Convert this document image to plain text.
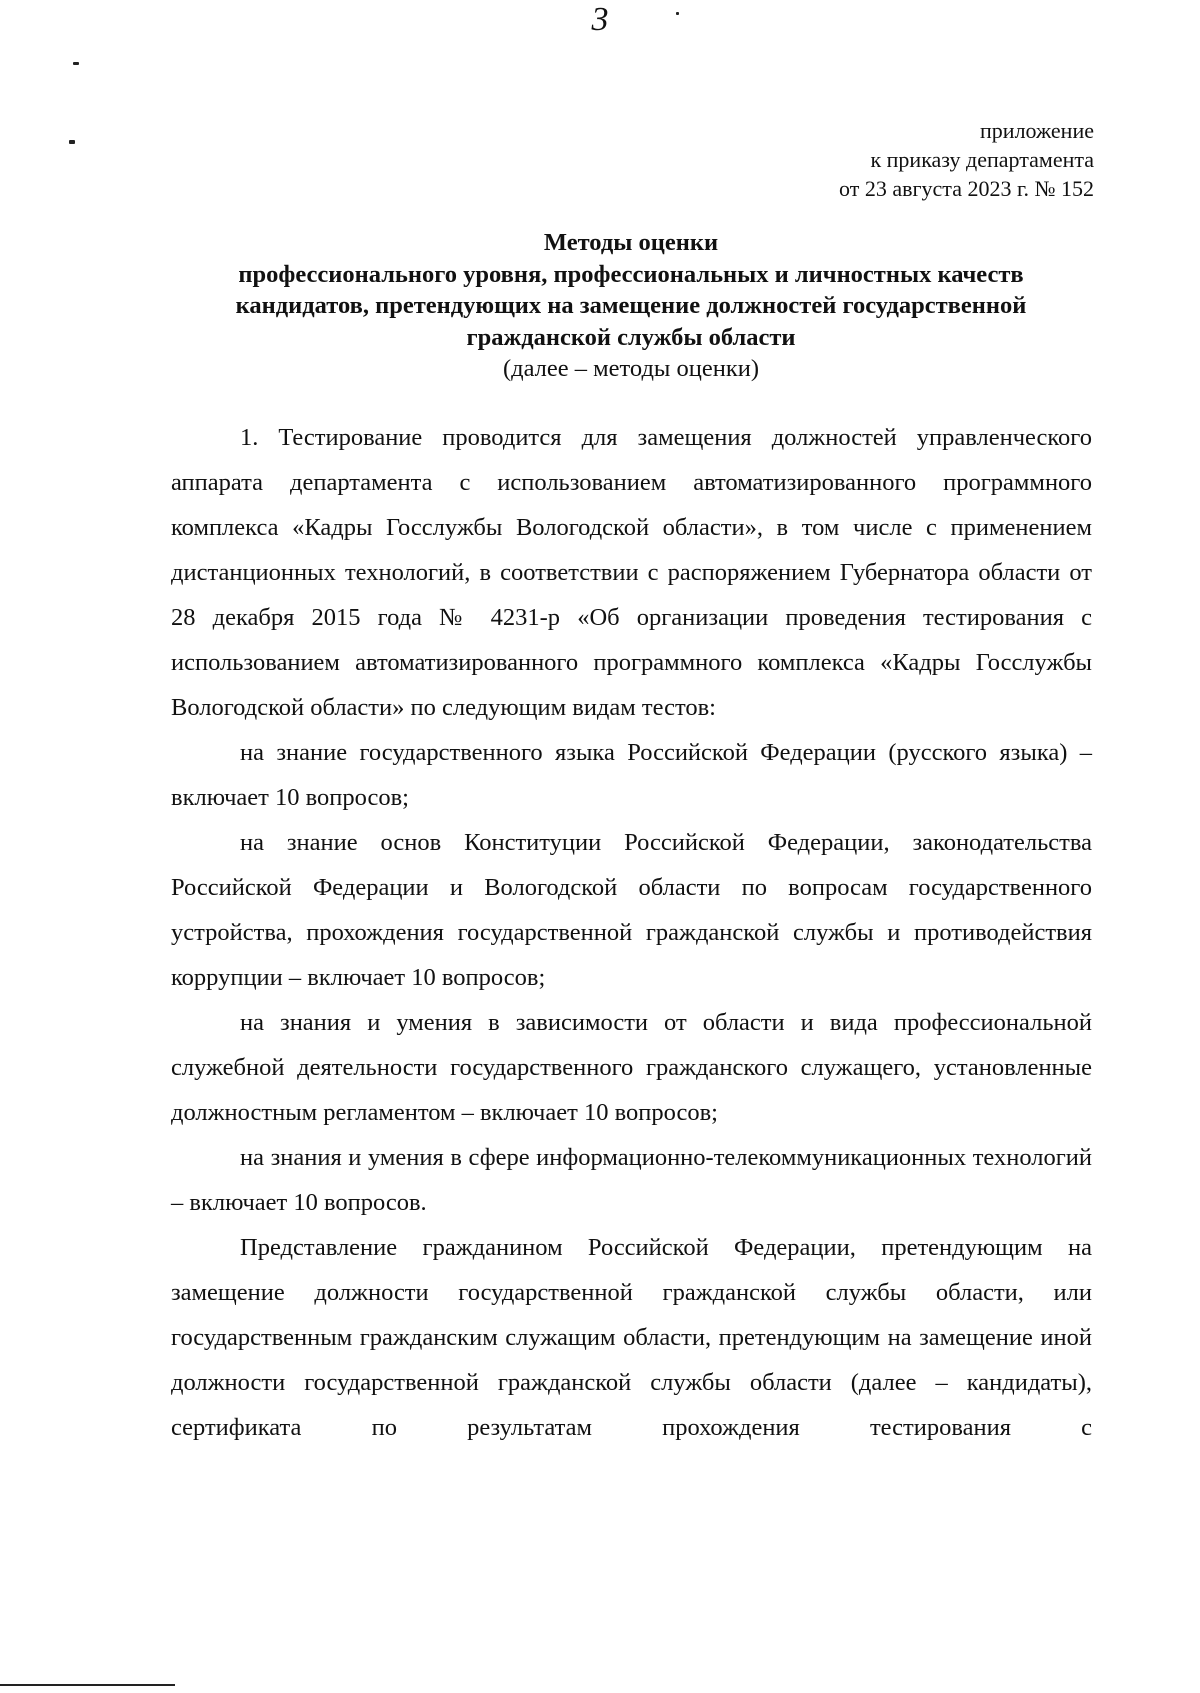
3
приложение
к приказу департамента
от 23 августа 2023 г. № 152
Методы оценки
профессионального уровня, профессиональных и личностных качеств
кандидатов, претендующих на замещение должностей государственной
гражданской службы области
(далее – методы оценки)

1. Тестирование проводится для замещения должностей управленческого аппарата департамента с использованием автоматизированного программного комплекса «Кадры Госслужбы Вологодской области», в том числе с применением дистанционных технологий, в соответствии с распоряжением Губернатора области от 28 декабря 2015 года № 4231-р «Об организации проведения тестирования с использованием автоматизированного программного комплекса «Кадры Госслужбы Вологодской области» по следующим видам тестов:

на знание государственного языка Российской Федерации (русского языка) – включает 10 вопросов;

на знание основ Конституции Российской Федерации, законодательства Российской Федерации и Вологодской области по вопросам государственного устройства, прохождения государственной гражданской службы и противодействия коррупции – включает 10 вопросов;

на знания и умения в зависимости от области и вида профессиональной служебной деятельности государственного гражданского служащего, установленные должностным регламентом – включает 10 вопросов;

на знания и умения в сфере информационно-телекоммуникационных технологий – включает 10 вопросов.

Представление гражданином Российской Федерации, претендующим на замещение должности государственной гражданской службы области, или государственным гражданским служащим области, претендующим на замещение иной должности государственной гражданской службы области (далее – кандидаты), сертификата по результатам прохождения тестирования с
